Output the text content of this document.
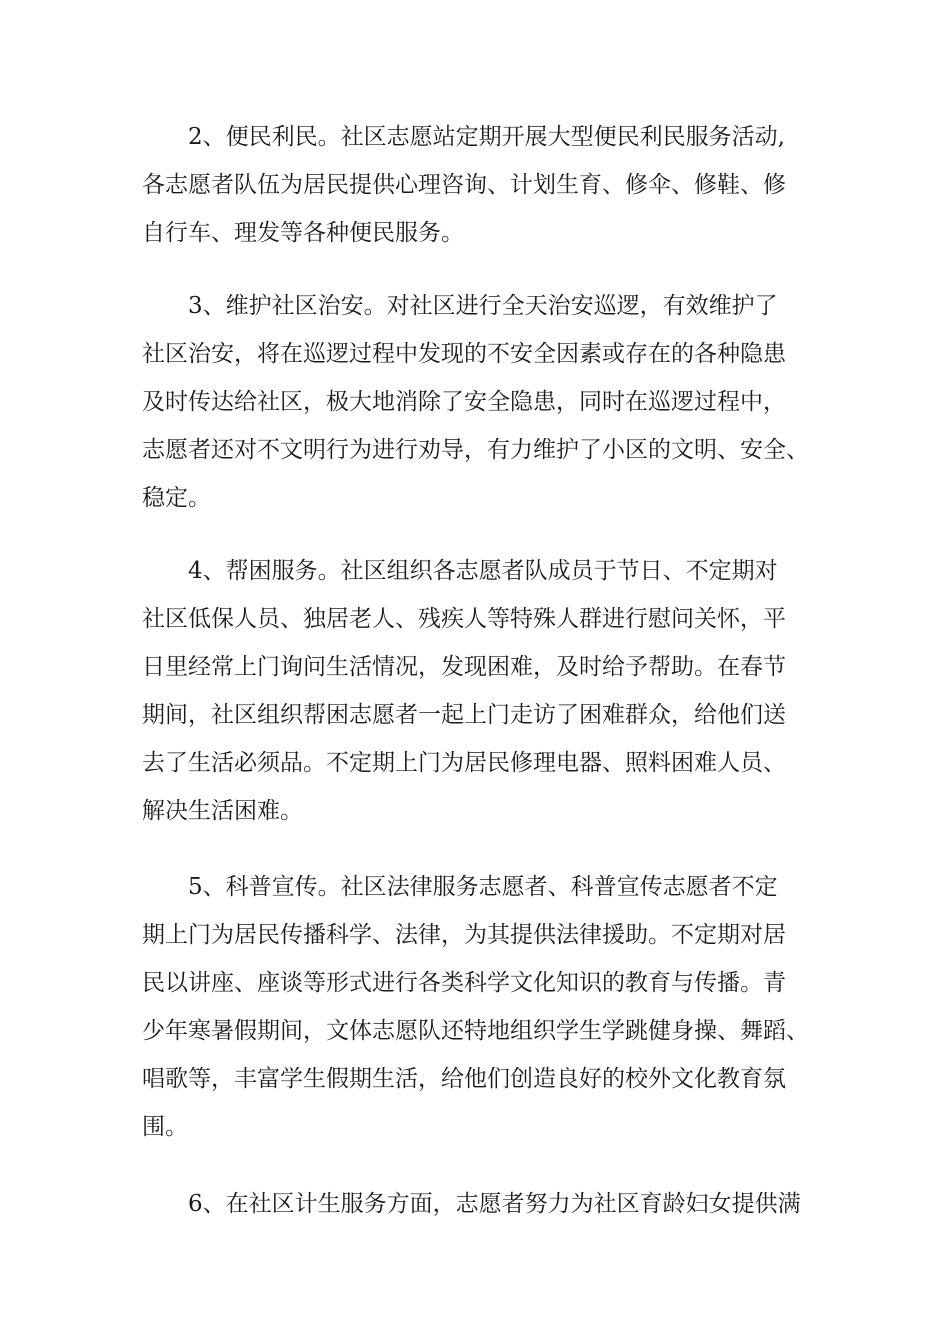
2、便民利民。社区志愿站定期开展大型便民利民服务活动,
各志愿者队伍为居民提供心理咨询、计划生育、修伞、修鞋、修
自行车、理发等各种便民服务。
3、维护社区治安。对社区进行全天治安巡逻，有效维护了
社区治安，将在巡逻过程中发现的不安全因素或存在的各种隐患
及时传达给社区，极大地消除了安全隐患，同时在巡逻过程中，
志愿者还对不文明行为进行劝导，有力维护了小区的文明、安全、
稳定。
4、帮困服务。社区组织各志愿者队成员于节日、不定期对
社区低保人员、独居老人、残疾人等特殊人群进行慰问关怀，平
日里经常上门询问生活情况，发现困难，及时给予帮助。在春节
期间，社区组织帮困志愿者一起上门走访了困难群众，给他们送
去了生活必须品。不定期上门为居民修理电器、照料困难人员、
解决生活困难。
5、科普宣传。社区法律服务志愿者、科普宣传志愿者不定
期上门为居民传播科学、法律，为其提供法律援助。不定期对居
民以讲座、座谈等形式进行各类科学文化知识的教育与传播。青
少年寒暑假期间，文体志愿队还特地组织学生学跳健身操、舞蹈、
唱歌等，丰富学生假期生活，给他们创造良好的校外文化教育氛
围。
6、在社区计生服务方面，志愿者努力为社区育龄妇女提供满
